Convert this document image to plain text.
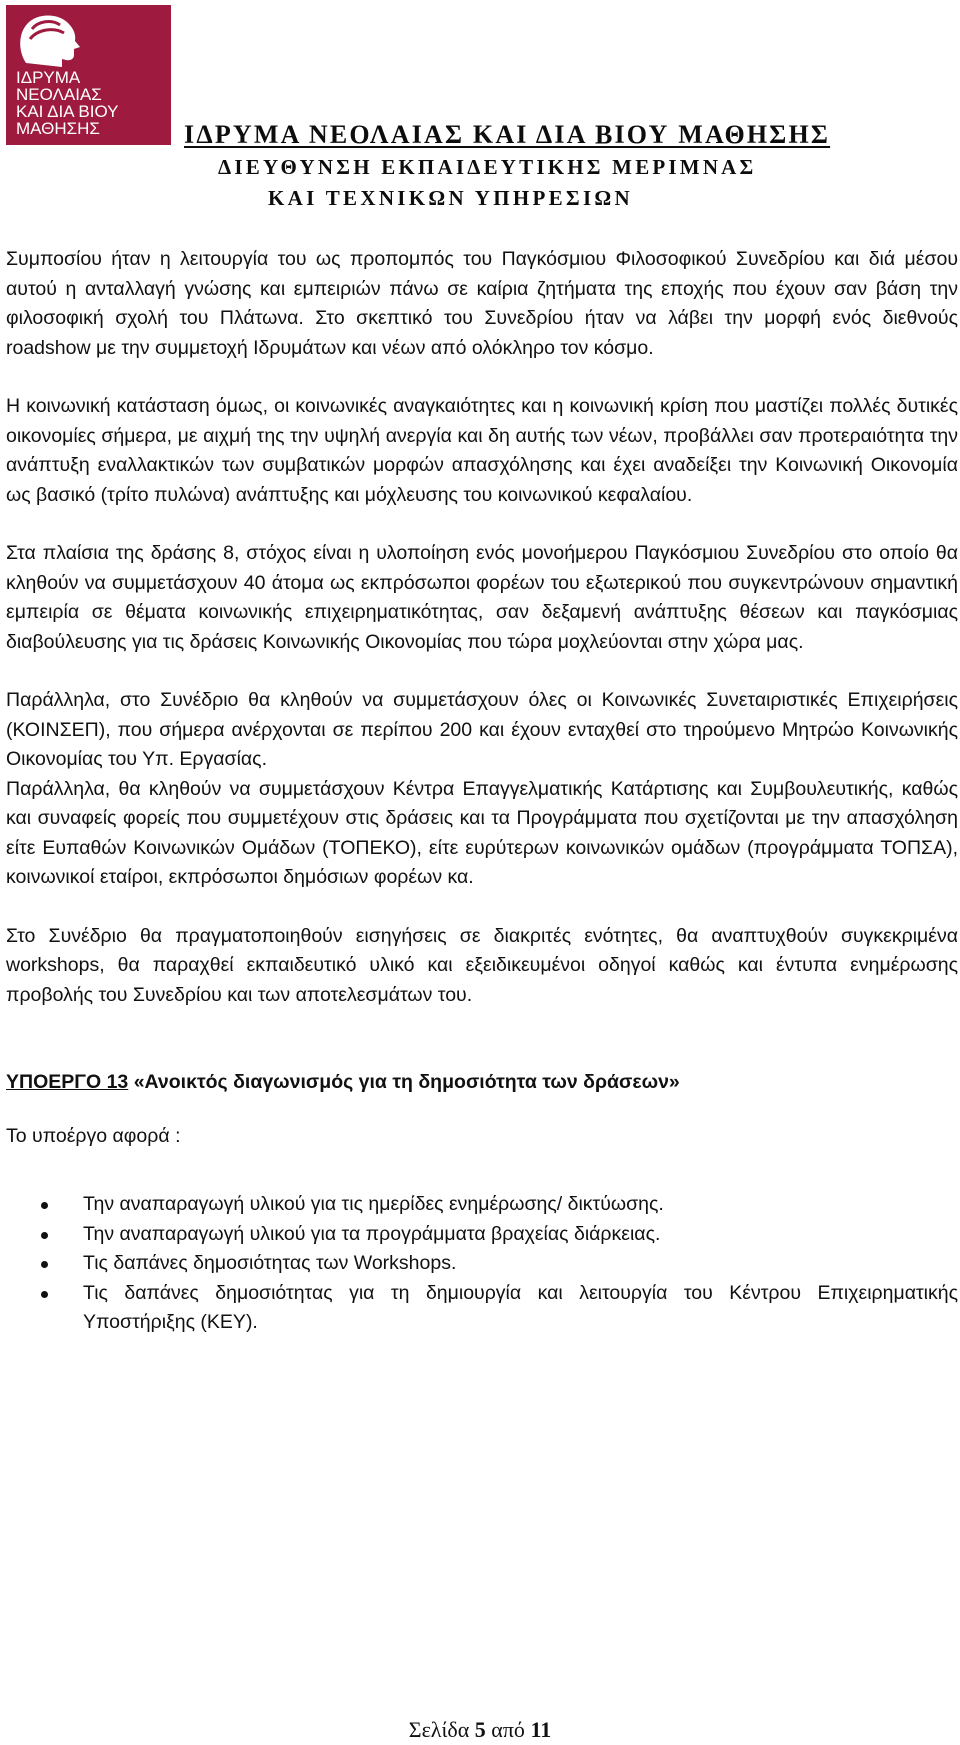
ΙΔΡΥΜΑ
ΝΕΟΛΑΙΑΣ
ΚΑΙ ΔΙΑ ΒΙΟΥ
ΜΑΘΗΣΗΣ	ΙΔΡΥΜΑ ΝΕΟΛΑΙΑΣ ΚΑΙ ΔΙΑ ΒΙΟΥ ΜΑΘΗΣΗΣ
ΔΙΕΥΘΥΝΣΗ ΕΚΠΑΙΔΕΥΤΙΚΗΣ ΜΕΡΙΜΝΑΣ
ΚΑΙ ΤΕΧΝΙΚΩΝ ΥΠΗΡΕΣΙΩΝ

Συμποσίου ήταν η λειτουργία του ως προπομπός του Παγκόσμιου Φιλοσοφικού Συνεδρίου και διά μέσου αυτού η ανταλλαγή γνώσης και εμπειριών πάνω σε καίρια ζητήματα της εποχής που έχουν σαν βάση την φιλοσοφική σχολή του Πλάτωνα. Στο σκεπτικό του Συνεδρίου ήταν να λάβει την μορφή ενός διεθνούς roadshow με την συμμετοχή Ιδρυμάτων και νέων από ολόκληρο τον κόσμο.

Η κοινωνική κατάσταση όμως, οι κοινωνικές αναγκαιότητες και η κοινωνική κρίση που μαστίζει πολλές δυτικές οικονομίες σήμερα, με αιχμή της την υψηλή ανεργία και δη αυτής των νέων, προβάλλει σαν προτεραιότητα την ανάπτυξη εναλλακτικών των συμβατικών μορφών απασχόλησης και έχει αναδείξει την Κοινωνική Οικονομία ως βασικό (τρίτο πυλώνα) ανάπτυξης και μόχλευσης του κοινωνικού κεφαλαίου.

Στα πλαίσια της δράσης 8, στόχος είναι η υλοποίηση ενός μονοήμερου Παγκόσμιου Συνεδρίου στο οποίο θα κληθούν να συμμετάσχουν 40 άτομα ως εκπρόσωποι φορέων του εξωτερικού που συγκεντρώνουν σημαντική εμπειρία σε θέματα κοινωνικής επιχειρηματικότητας, σαν δεξαμενή ανάπτυξης θέσεων και παγκόσμιας διαβούλευσης για τις δράσεις Κοινωνικής Οικονομίας που τώρα μοχλεύονται στην χώρα μας.

Παράλληλα, στο Συνέδριο θα κληθούν να συμμετάσχουν όλες οι Κοινωνικές Συνεταιριστικές Επιχειρήσεις (ΚΟΙΝΣΕΠ), που σήμερα ανέρχονται σε περίπου 200 και έχουν ενταχθεί στο τηρούμενο Μητρώο Κοινωνικής Οικονομίας του Υπ. Εργασίας.

Παράλληλα, θα κληθούν να συμμετάσχουν Κέντρα Επαγγελματικής Κατάρτισης και Συμβουλευτικής, καθώς και συναφείς φορείς που συμμετέχουν στις δράσεις και τα Προγράμματα που σχετίζονται με την απασχόληση είτε Ευπαθών Κοινωνικών Ομάδων (ΤΟΠΕΚΟ), είτε ευρύτερων κοινωνικών ομάδων (προγράμματα ΤΟΠΣΑ), κοινωνικοί εταίροι, εκπρόσωποι δημόσιων φορέων κα.

Στο Συνέδριο θα πραγματοποιηθούν εισηγήσεις σε διακριτές ενότητες, θα αναπτυχθούν συγκεκριμένα workshops, θα παραχθεί εκπαιδευτικό υλικό και εξειδικευμένοι οδηγοί καθώς και έντυπα ενημέρωσης προβολής του Συνεδρίου και των αποτελεσμάτων του.

ΥΠΟΕΡΓΟ 13 «Ανοικτός διαγωνισμός για τη δημοσιότητα των δράσεων»
Το υποέργο αφορά :
Την αναπαραγωγή υλικού για τις ημερίδες ενημέρωσης/ δικτύωσης.
Την αναπαραγωγή υλικού για τα προγράμματα βραχείας διάρκειας.
Τις δαπάνες δημοσιότητας των Workshops.
Τις δαπάνες δημοσιότητας για τη δημιουργία και λειτουργία του Κέντρου Επιχειρηματικής Υποστήριξης (ΚΕΥ).
Σελίδα 5 από 11
